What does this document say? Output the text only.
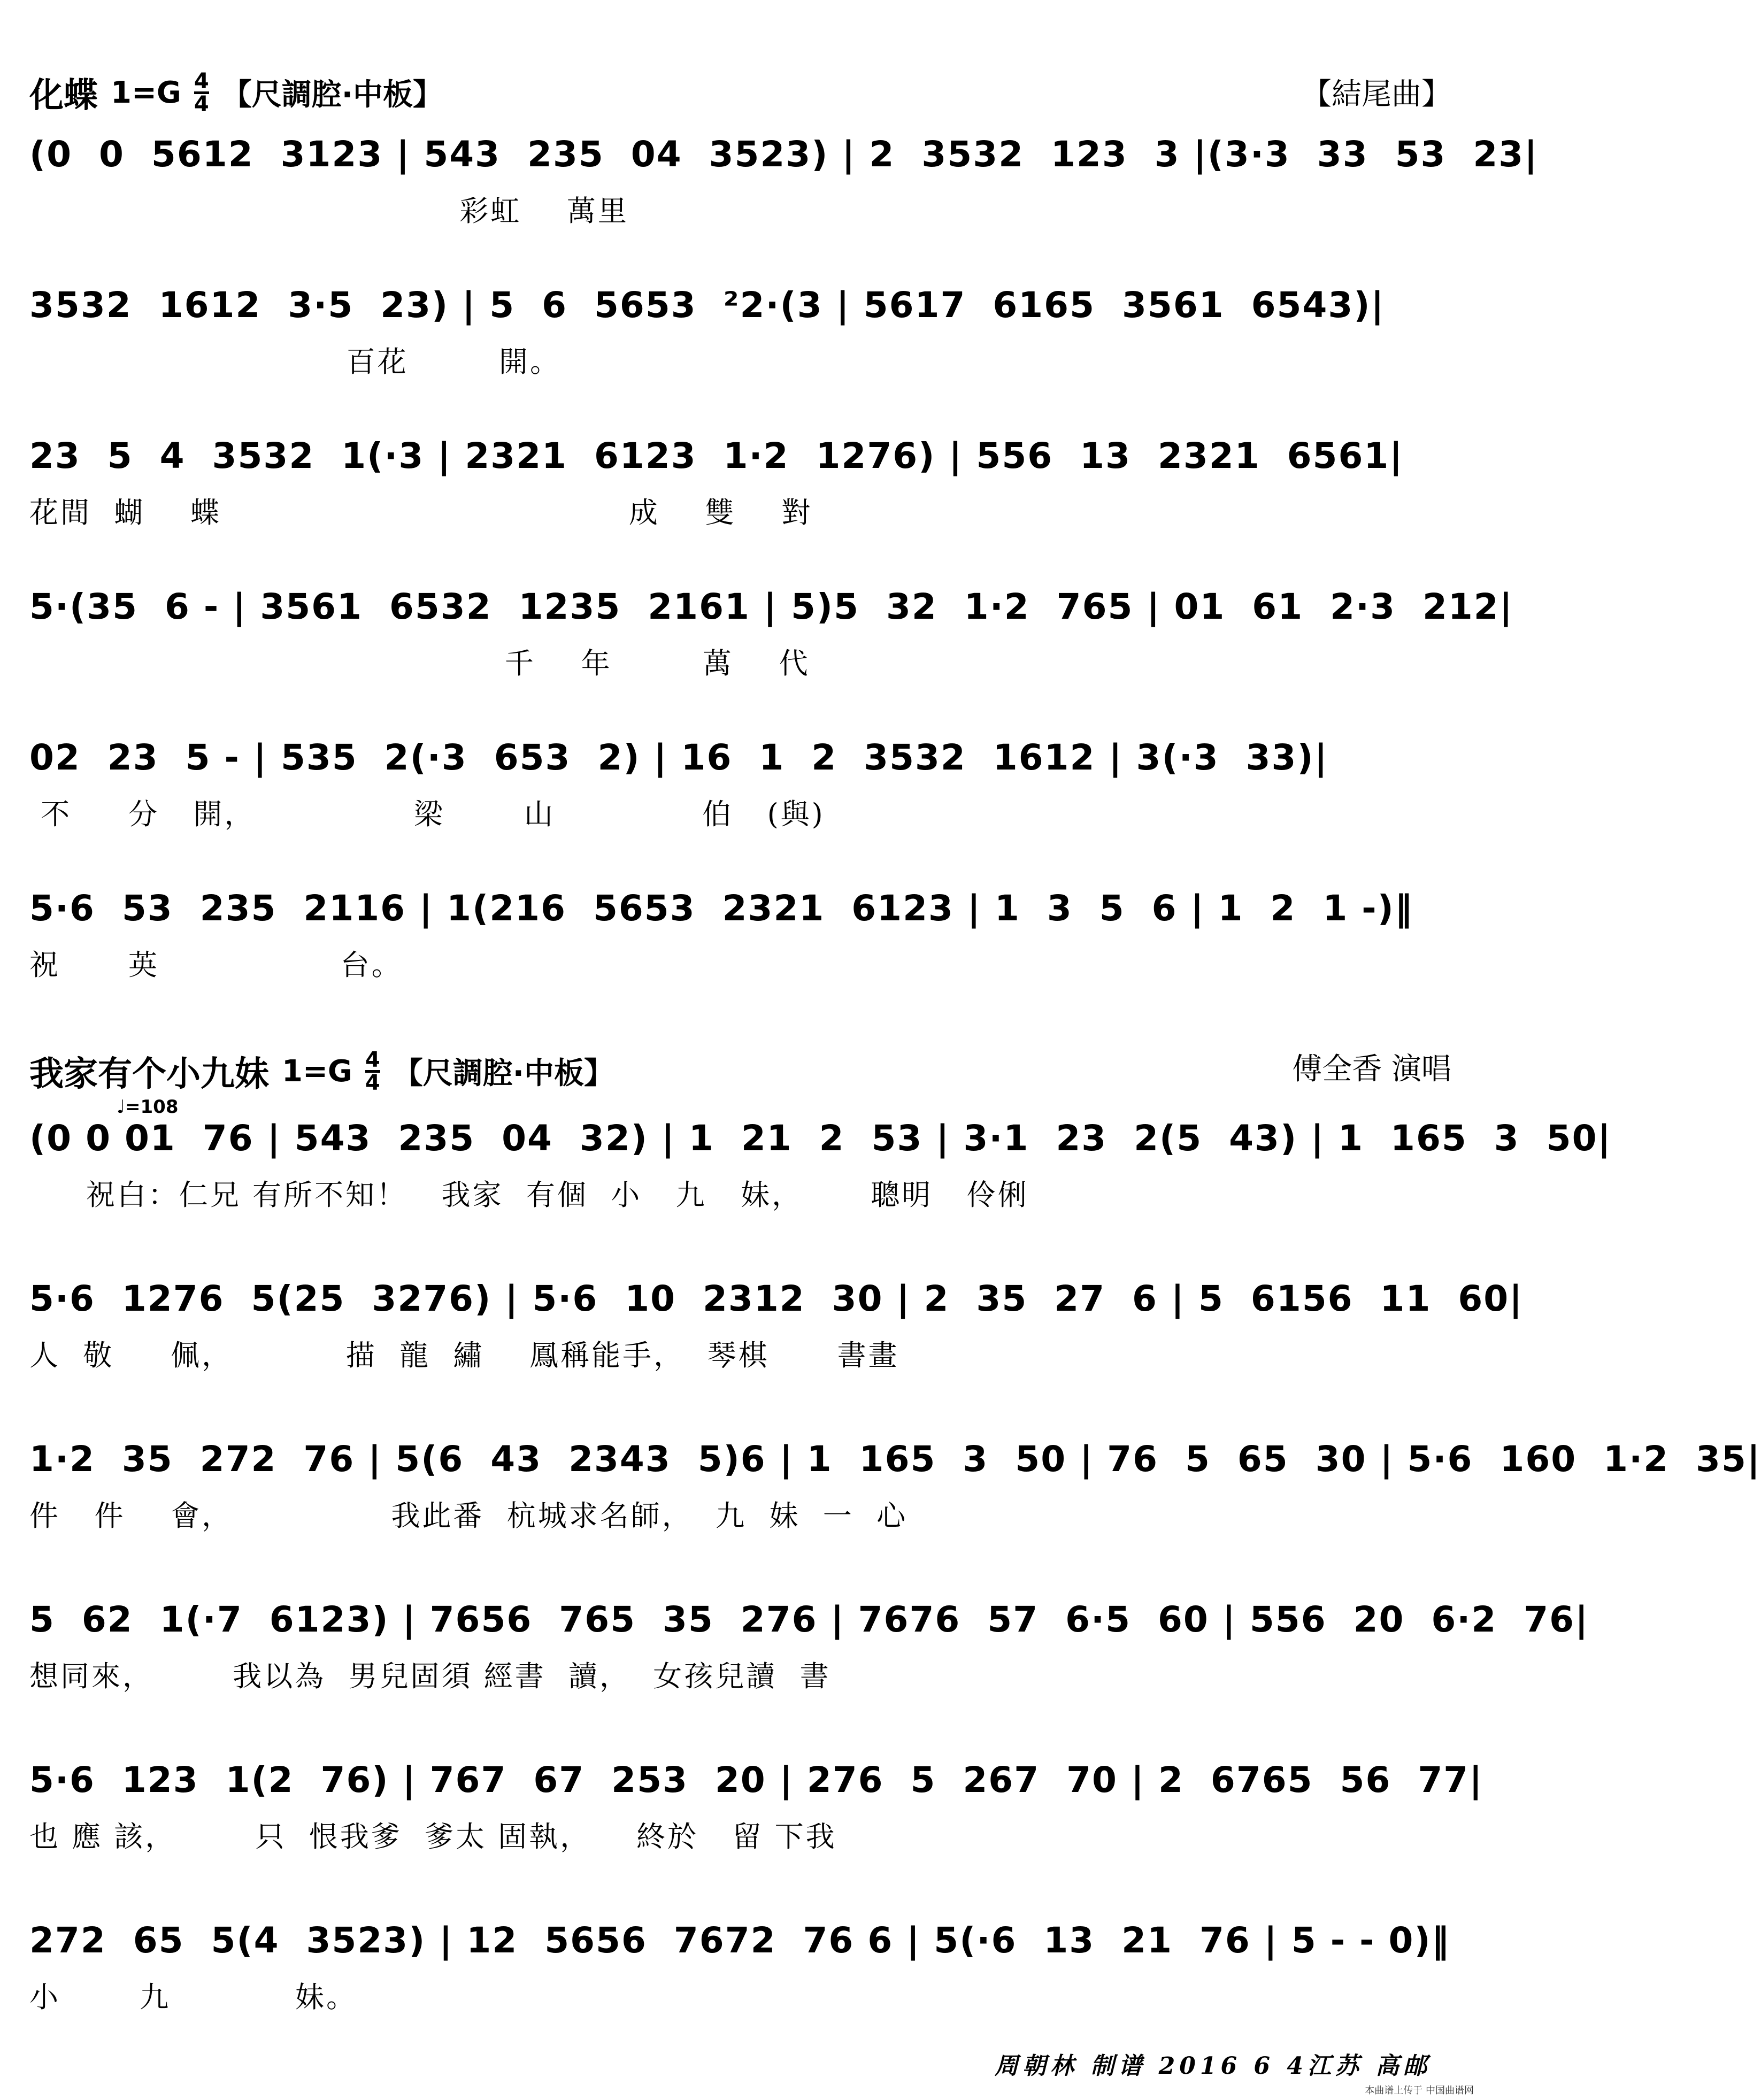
化蝶 1=G 4
4 【尺調腔·中板】	【結尾曲】
(0  0  5612  3123 | 543  235  04  3523) | 2  3532  123  3 |(3·3  33  53  23|
彩虹    萬里
3532  1612  3·5  23) | 5  6  5653  ²2·(3 | 5617  6165  3561  6543)|
百花        開。
23  5  4  3532  1(·3 | 2321  6123  1·2  1276) | 556  13  2321  6561|
花間  蝴    蝶                                    成    雙    對
5·(35  6 - | 3561  6532  1235  2161 | 5)5  32  1·2  765 | 01  61  2·3  212|
千    年        萬    代
02  23  5 - | 535  2(·3  653  2) | 16  1  2  3532  1612 | 3(·3  33)|
不     分   開，              梁       山             伯   (與)
5·6  53  235  2116 | 1(216  5653  2321  6123 | 1  3  5  6 | 1  2  1 -)‖
祝      英                台。
我家有个小九妹 1=G 4
4 【尺調腔·中板】	傅全香 演唱
♩=108
(0 0 01  76 | 543  235  04  32) | 1  21  2  53 | 3·1  23  2(5  43) | 1  165  3  50|
祝白：仁兄 有所不知！   我家  有個  小   九   妹，      聰明   伶俐
5·6  1276  5(25  3276) | 5·6  10  2312  30 | 2  35  27  6 | 5  6156  11  60|
人  敬     佩，          描  龍  繡    鳳稱能手，  琴棋      書畫
1·2  35  272  76 | 5(6  43  2343  5)6 | 1  165  3  50 | 76  5  65  30 | 5·6  160  1·2  35|
件   件    會，              我此番  杭城求名師，  九  妹  一  心
5  62  1(·7  6123) | 7656  765  35  276 | 7676  57  6·5  60 | 556  20  6·2  76|
想同來，       我以為  男兒固須 經書  讀，  女孩兒讀  書
5·6  123  1(2  76) | 767  67  253  20 | 276  5  267  70 | 2  6765  56  77|
也 應 該，       只  恨我爹  爹太 固執，    終於   留 下我
272  65  5(4  3523) | 12  5656  7672  76 6 | 5(·6  13  21  76 | 5 - - 0)‖
小       九           妹。
周朝林 制谱 2016 6 4江苏 高邮
本曲谱上传于 中国曲谱网
